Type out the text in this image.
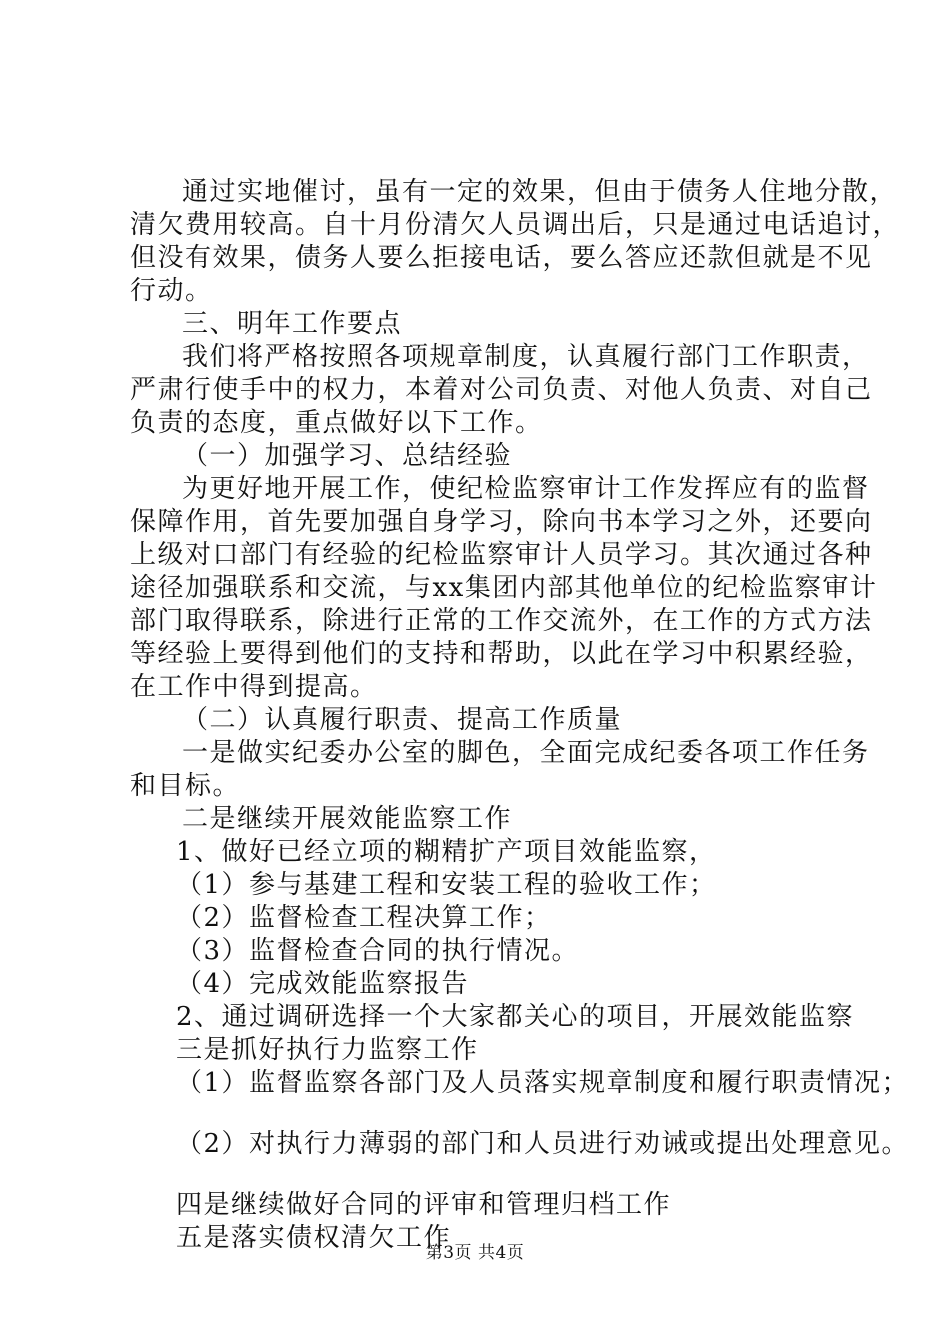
通过实地催讨，虽有一定的效果，但由于债务人住地分散，
清欠费用较高。自十月份清欠人员调出后，只是通过电话追讨，
但没有效果，债务人要么拒接电话，要么答应还款但就是不见
行动。
三、明年工作要点
我们将严格按照各项规章制度，认真履行部门工作职责，
严肃行使手中的权力，本着对公司负责、对他人负责、对自己
负责的态度，重点做好以下工作。
（一）加强学习、总结经验
为更好地开展工作，使纪检监察审计工作发挥应有的监督
保障作用，首先要加强自身学习，除向书本学习之外，还要向
上级对口部门有经验的纪检监察审计人员学习。其次通过各种
途径加强联系和交流，与xx集团内部其他单位的纪检监察审计
部门取得联系，除进行正常的工作交流外，在工作的方式方法
等经验上要得到他们的支持和帮助，以此在学习中积累经验，
在工作中得到提高。
（二）认真履行职责、提高工作质量
一是做实纪委办公室的脚色，全面完成纪委各项工作任务
和目标。
二是继续开展效能监察工作
1、做好已经立项的糊精扩产项目效能监察，
（1）参与基建工程和安装工程的验收工作；
（2）监督检查工程决算工作；
（3）监督检查合同的执行情况。
（4）完成效能监察报告
2、通过调研选择一个大家都关心的项目，开展效能监察
三是抓好执行力监察工作
（1）监督监察各部门及人员落实规章制度和履行职责情况；
（2）对执行力薄弱的部门和人员进行劝诫或提出处理意见。
四是继续做好合同的评审和管理归档工作
五是落实债权清欠工作
第3页 共4页
